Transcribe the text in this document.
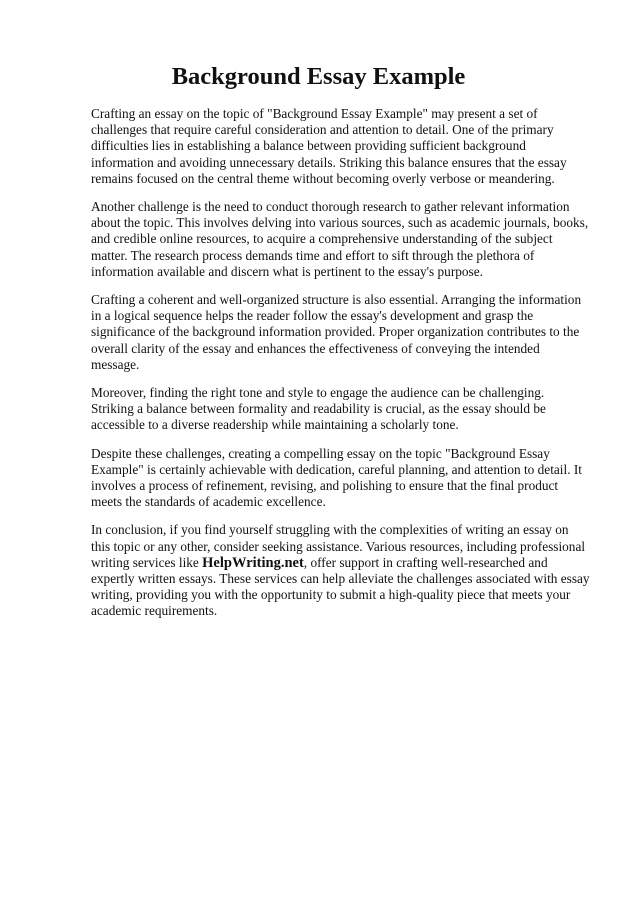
Background Essay Example

Crafting an essay on the topic of "Background Essay Example" may present a set of challenges that require careful consideration and attention to detail. One of the primary difficulties lies in establishing a balance between providing sufficient background information and avoiding unnecessary details. Striking this balance ensures that the essay remains focused on the central theme without becoming overly verbose or meandering.

Another challenge is the need to conduct thorough research to gather relevant information about the topic. This involves delving into various sources, such as academic journals, books, and credible online resources, to acquire a comprehensive understanding of the subject matter. The research process demands time and effort to sift through the plethora of information available and discern what is pertinent to the essay's purpose.

Crafting a coherent and well-organized structure is also essential. Arranging the information in a logical sequence helps the reader follow the essay's development and grasp the significance of the background information provided. Proper organization contributes to the overall clarity of the essay and enhances the effectiveness of conveying the intended message.

Moreover, finding the right tone and style to engage the audience can be challenging. Striking a balance between formality and readability is crucial, as the essay should be accessible to a diverse readership while maintaining a scholarly tone.

Despite these challenges, creating a compelling essay on the topic "Background Essay Example" is certainly achievable with dedication, careful planning, and attention to detail. It involves a process of refinement, revising, and polishing to ensure that the final product meets the standards of academic excellence.

In conclusion, if you find yourself struggling with the complexities of writing an essay on this topic or any other, consider seeking assistance. Various resources, including professional writing services like HelpWriting.net, offer support in crafting well-researched and expertly written essays. These services can help alleviate the challenges associated with essay writing, providing you with the opportunity to submit a high-quality piece that meets your academic requirements.
